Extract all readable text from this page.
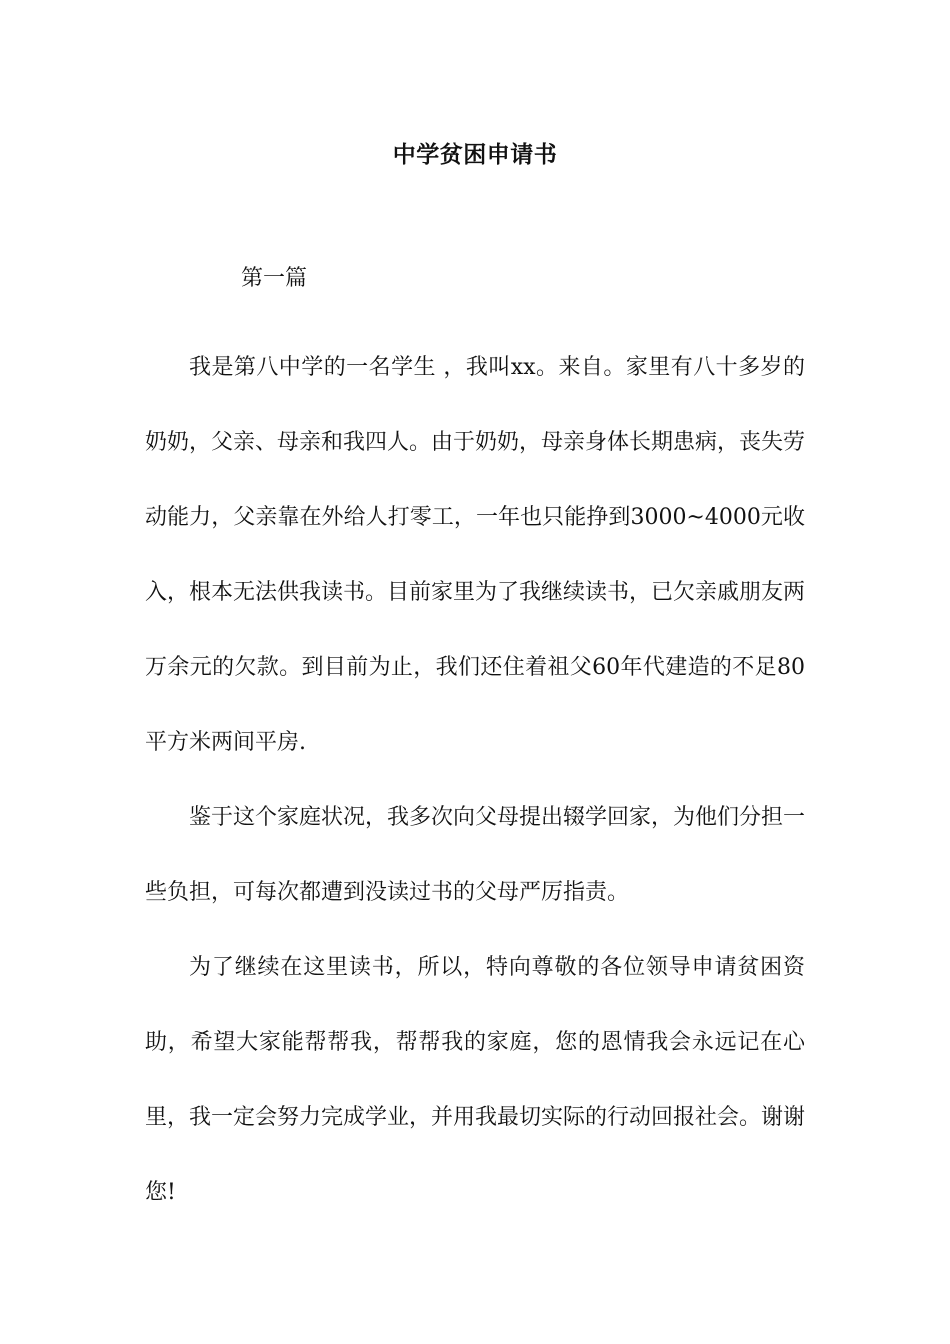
中学贫困申请书
第一篇

我是第八中学的一名学生 ，我叫xx。来自。家里有八十多岁的奶奶，父亲、母亲和我四人。由于奶奶，母亲身体长期患病，丧失劳动能力，父亲靠在外给人打零工，一年也只能挣到3000~4000元收入，根本无法供我读书。目前家里为了我继续读书，已欠亲戚朋友两万余元的欠款。到目前为止，我们还住着祖父60年代建造的不足80平方米两间平房.

鉴于这个家庭状况，我多次向父母提出辍学回家，为他们分担一些负担，可每次都遭到没读过书的父母严厉指责。

为了继续在这里读书，所以，特向尊敬的各位领导申请贫困资助，希望大家能帮帮我，帮帮我的家庭，您的恩情我会永远记在心里，我一定会努力完成学业，并用我最切实际的行动回报社会。谢谢您!
